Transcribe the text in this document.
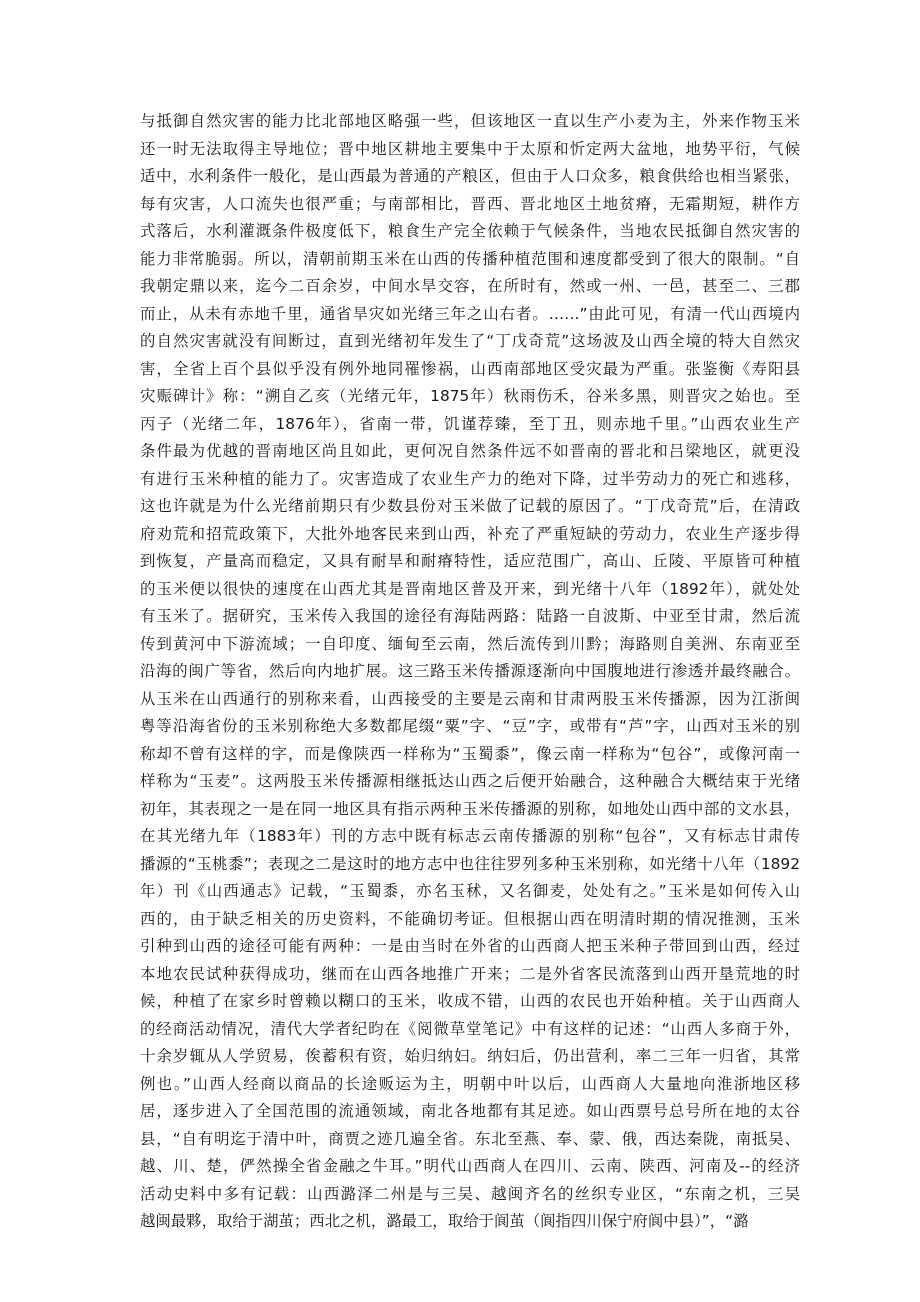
与抵御自然灾害的能力比北部地区略强一些，但该地区一直以生产小麦为主，外来作物玉米
还一时无法取得主导地位；晋中地区耕地主要集中于太原和忻定两大盆地，地势平衍，气候
适中，水利条件一般化，是山西最为普通的产粮区，但由于人口众多，粮食供给也相当紧张，
每有灾害，人口流失也很严重；与南部相比，晋西、晋北地区土地贫瘠，无霜期短，耕作方
式落后，水利灌溉条件极度低下，粮食生产完全依赖于气候条件，当地农民抵御自然灾害的
能力非常脆弱。所以，清朝前期玉米在山西的传播种植范围和速度都受到了很大的限制。“自
我朝定鼎以来，迄今二百余岁，中间水旱交容，在所时有，然或一州、一邑，甚至二、三郡
而止，从未有赤地千里，通省旱灾如光绪三年之山右者。……”由此可见，有清一代山西境内
的自然灾害就没有间断过，直到光绪初年发生了“丁戊奇荒”这场波及山西全境的特大自然灾
害，全省上百个县似乎没有例外地同罹惨祸，山西南部地区受灾最为严重。张鉴衡《寿阳县
灾赈碑计》称：“溯自乙亥（光绪元年，1875年）秋雨伤禾，谷米多黑，则晋灾之始也。至
丙子（光绪二年，1876年），省南一带，饥谨荐臻，至丁丑，则赤地千里。”山西农业生产
条件最为优越的晋南地区尚且如此，更何况自然条件远不如晋南的晋北和吕梁地区，就更没
有进行玉米种植的能力了。灾害造成了农业生产力的绝对下降，过半劳动力的死亡和逃移，
这也许就是为什么光绪前期只有少数县份对玉米做了记载的原因了。“丁戊奇荒”后，在清政
府劝荒和招荒政策下，大批外地客民来到山西，补充了严重短缺的劳动力，农业生产逐步得
到恢复，产量高而稳定，又具有耐旱和耐瘠特性，适应范围广，高山、丘陵、平原皆可种植
的玉米便以很快的速度在山西尤其是晋南地区普及开来，到光绪十八年（1892年），就处处
有玉米了。据研究，玉米传入我国的途径有海陆两路：陆路一自波斯、中亚至甘肃，然后流
传到黄河中下游流域；一自印度、缅甸至云南，然后流传到川黔；海路则自美洲、东南亚至
沿海的闽广等省，然后向内地扩展。这三路玉米传播源逐渐向中国腹地进行渗透并最终融合。
从玉米在山西通行的别称来看，山西接受的主要是云南和甘肃两股玉米传播源，因为江浙闽
粤等沿海省份的玉米别称绝大多数都尾缀“粟”字、“豆”字，或带有“芦”字，山西对玉米的别
称却不曾有这样的字，而是像陕西一样称为“玉蜀黍”，像云南一样称为“包谷”，或像河南一
样称为“玉麦”。这两股玉米传播源相继抵达山西之后便开始融合，这种融合大概结束于光绪
初年，其表现之一是在同一地区具有指示两种玉米传播源的别称，如地处山西中部的文水县，
在其光绪九年（1883年）刊的方志中既有标志云南传播源的别称“包谷”，又有标志甘肃传
播源的“玉桃黍”；表现之二是这时的地方志中也往往罗列多种玉米别称，如光绪十八年（1892
年）刊《山西通志》记载，“玉蜀黍，亦名玉秫，又名御麦，处处有之。”玉米是如何传入山
西的，由于缺乏相关的历史资料，不能确切考证。但根据山西在明清时期的情况推测，玉米
引种到山西的途径可能有两种：一是由当时在外省的山西商人把玉米种子带回到山西，经过
本地农民试种获得成功，继而在山西各地推广开来；二是外省客民流落到山西开垦荒地的时
候，种植了在家乡时曾赖以糊口的玉米，收成不错，山西的农民也开始种植。关于山西商人
的经商活动情况，清代大学者纪昀在《阅微草堂笔记》中有这样的记述：“山西人多商于外，
十余岁辄从人学贸易，俟蓄积有资，始归纳妇。纳妇后，仍出营利，率二三年一归省，其常
例也。”山西人经商以商品的长途贩运为主，明朝中叶以后，山西商人大量地向淮浙地区移
居，逐步进入了全国范围的流通领域，南北各地都有其足迹。如山西票号总号所在地的太谷
县，“自有明迄于清中叶，商贾之迹几遍全省。东北至燕、奉、蒙、俄，西达秦陇，南抵吴、
越、川、楚，俨然操全省金融之牛耳。”明代山西商人在四川、云南、陕西、河南及--的经济
活动史料中多有记载：山西潞泽二州是与三吴、越闽齐名的丝织专业区，“东南之机，三吴
越闽最夥，取给于湖茧；西北之机，潞最工，取给于阆茧（阆指四川保宁府阆中县）”，“潞
